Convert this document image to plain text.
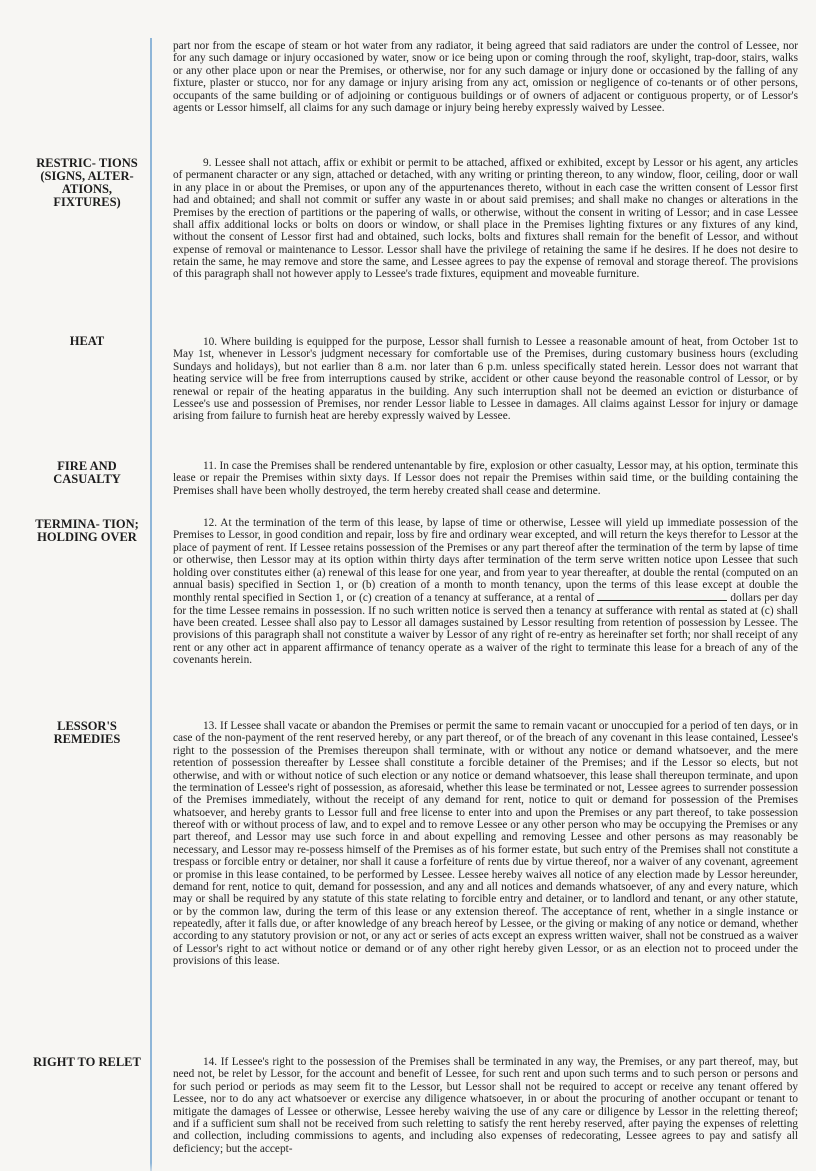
RESTRIC- TIONS (SIGNS, ALTER- ATIONS, FIXTURES)
HEAT
FIRE AND CASUALTY
TERMINA- TION; HOLDING OVER
LESSOR'S REMEDIES
RIGHT TO RELET

part nor from the escape of steam or hot water from any radiator, it being agreed that said radiators are under the control of Lessee, nor for any such damage or injury occasioned by water, snow or ice being upon or coming through the roof, skylight, trap-door, stairs, walks or any other place upon or near the Premises, or otherwise, nor for any such damage or injury done or occasioned by the falling of any fixture, plaster or stucco, nor for any damage or injury arising from any act, omission or negligence of co-tenants or of other persons, occupants of the same building or of adjoining or contiguous buildings or of owners of adjacent or contiguous property, or of Lessor's agents or Lessor himself, all claims for any such damage or injury being hereby expressly waived by Lessee.

9. Lessee shall not attach, affix or exhibit or permit to be attached, affixed or exhibited, except by Lessor or his agent, any articles of permanent character or any sign, attached or detached, with any writing or printing thereon, to any window, floor, ceiling, door or wall in any place in or about the Premises, or upon any of the appurtenances thereto, without in each case the written consent of Lessor first had and obtained; and shall not commit or suffer any waste in or about said premises; and shall make no changes or alterations in the Premises by the erection of partitions or the papering of walls, or otherwise, without the consent in writing of Lessor; and in case Lessee shall affix additional locks or bolts on doors or window, or shall place in the Premises lighting fixtures or any fixtures of any kind, without the consent of Lessor first had and obtained, such locks, bolts and fixtures shall remain for the benefit of Lessor, and without expense of removal or maintenance to Lessor. Lessor shall have the privilege of retaining the same if he desires. If he does not desire to retain the same, he may remove and store the same, and Lessee agrees to pay the expense of removal and storage thereof. The provisions of this paragraph shall not however apply to Lessee's trade fixtures, equipment and moveable furniture.

10. Where building is equipped for the purpose, Lessor shall furnish to Lessee a reasonable amount of heat, from October 1st to May 1st, whenever in Lessor's judgment necessary for comfortable use of the Premises, during customary business hours (excluding Sundays and holidays), but not earlier than 8 a.m. nor later than 6 p.m. unless specifically stated herein. Lessor does not warrant that heating service will be free from interruptions caused by strike, accident or other cause beyond the reasonable control of Lessor, or by renewal or repair of the heating apparatus in the building. Any such interruption shall not be deemed an eviction or disturbance of Lessee's use and possession of Premises, nor render Lessor liable to Lessee in damages. All claims against Lessor for injury or damage arising from failure to furnish heat are hereby expressly waived by Lessee.

11. In case the Premises shall be rendered untenantable by fire, explosion or other casualty, Lessor may, at his option, terminate this lease or repair the Premises within sixty days. If Lessor does not repair the Premises within said time, or the building containing the Premises shall have been wholly destroyed, the term hereby created shall cease and determine.

12. At the termination of the term of this lease, by lapse of time or otherwise, Lessee will yield up immediate possession of the Premises to Lessor, in good condition and repair, loss by fire and ordinary wear excepted, and will return the keys therefor to Lessor at the place of payment of rent. If Lessee retains possession of the Premises or any part thereof after the termination of the term by lapse of time or otherwise, then Lessor may at its option within thirty days after termination of the term serve written notice upon Lessee that such holding over constitutes either (a) renewal of this lease for one year, and from year to year thereafter, at double the rental (computed on an annual basis) specified in Section 1, or (b) creation of a month to month tenancy, upon the terms of this lease except at double the monthly rental specified in Section 1, or (c) creation of a tenancy at sufferance, at a rental of	dollars per day for the time Lessee remains in possession. If no such written notice is served then a tenancy at sufferance with rental as stated at (c) shall have been created. Lessee shall also pay to Lessor all damages sustained by Lessor resulting from retention of possession by Lessee. The provisions of this paragraph shall not constitute a waiver by Lessor of any right of re-entry as hereinafter set forth; nor shall receipt of any rent or any other act in apparent affirmance of tenancy operate as a waiver of the right to terminate this lease for a breach of any of the covenants herein.

13. If Lessee shall vacate or abandon the Premises or permit the same to remain vacant or unoccupied for a period of ten days, or in case of the non-payment of the rent reserved hereby, or any part thereof, or of the breach of any covenant in this lease contained, Lessee's right to the possession of the Premises thereupon shall terminate, with or without any notice or demand whatsoever, and the mere retention of possession thereafter by Lessee shall constitute a forcible detainer of the Premises; and if the Lessor so elects, but not otherwise, and with or without notice of such election or any notice or demand whatsoever, this lease shall thereupon terminate, and upon the termination of Lessee's right of possession, as aforesaid, whether this lease be terminated or not, Lessee agrees to surrender possession of the Premises immediately, without the receipt of any demand for rent, notice to quit or demand for possession of the Premises whatsoever, and hereby grants to Lessor full and free license to enter into and upon the Premises or any part thereof, to take possession thereof with or without process of law, and to expel and to remove Lessee or any other person who may be occupying the Premises or any part thereof, and Lessor may use such force in and about expelling and removing Lessee and other persons as may reasonably be necessary, and Lessor may re-possess himself of the Premises as of his former estate, but such entry of the Premises shall not constitute a trespass or forcible entry or detainer, nor shall it cause a forfeiture of rents due by virtue thereof, nor a waiver of any covenant, agreement or promise in this lease contained, to be performed by Lessee. Lessee hereby waives all notice of any election made by Lessor hereunder, demand for rent, notice to quit, demand for possession, and any and all notices and demands whatsoever, of any and every nature, which may or shall be required by any statute of this state relating to forcible entry and detainer, or to landlord and tenant, or any other statute, or by the common law, during the term of this lease or any extension thereof. The acceptance of rent, whether in a single instance or repeatedly, after it falls due, or after knowledge of any breach hereof by Lessee, or the giving or making of any notice or demand, whether according to any statutory provision or not, or any act or series of acts except an express written waiver, shall not be construed as a waiver of Lessor's right to act without notice or demand or of any other right hereby given Lessor, or as an election not to proceed under the provisions of this lease.

14. If Lessee's right to the possession of the Premises shall be terminated in any way, the Premises, or any part thereof, may, but need not, be relet by Lessor, for the account and benefit of Lessee, for such rent and upon such terms and to such person or persons and for such period or periods as may seem fit to the Lessor, but Lessor shall not be required to accept or receive any tenant offered by Lessee, nor to do any act whatsoever or exercise any diligence whatsoever, in or about the procuring of another occupant or tenant to mitigate the damages of Lessee or otherwise, Lessee hereby waiving the use of any care or diligence by Lessor in the reletting thereof; and if a sufficient sum shall not be received from such reletting to satisfy the rent hereby reserved, after paying the expenses of reletting and collection, including commissions to agents, and including also expenses of redecorating, Lessee agrees to pay and satisfy all deficiency; but the accept-
